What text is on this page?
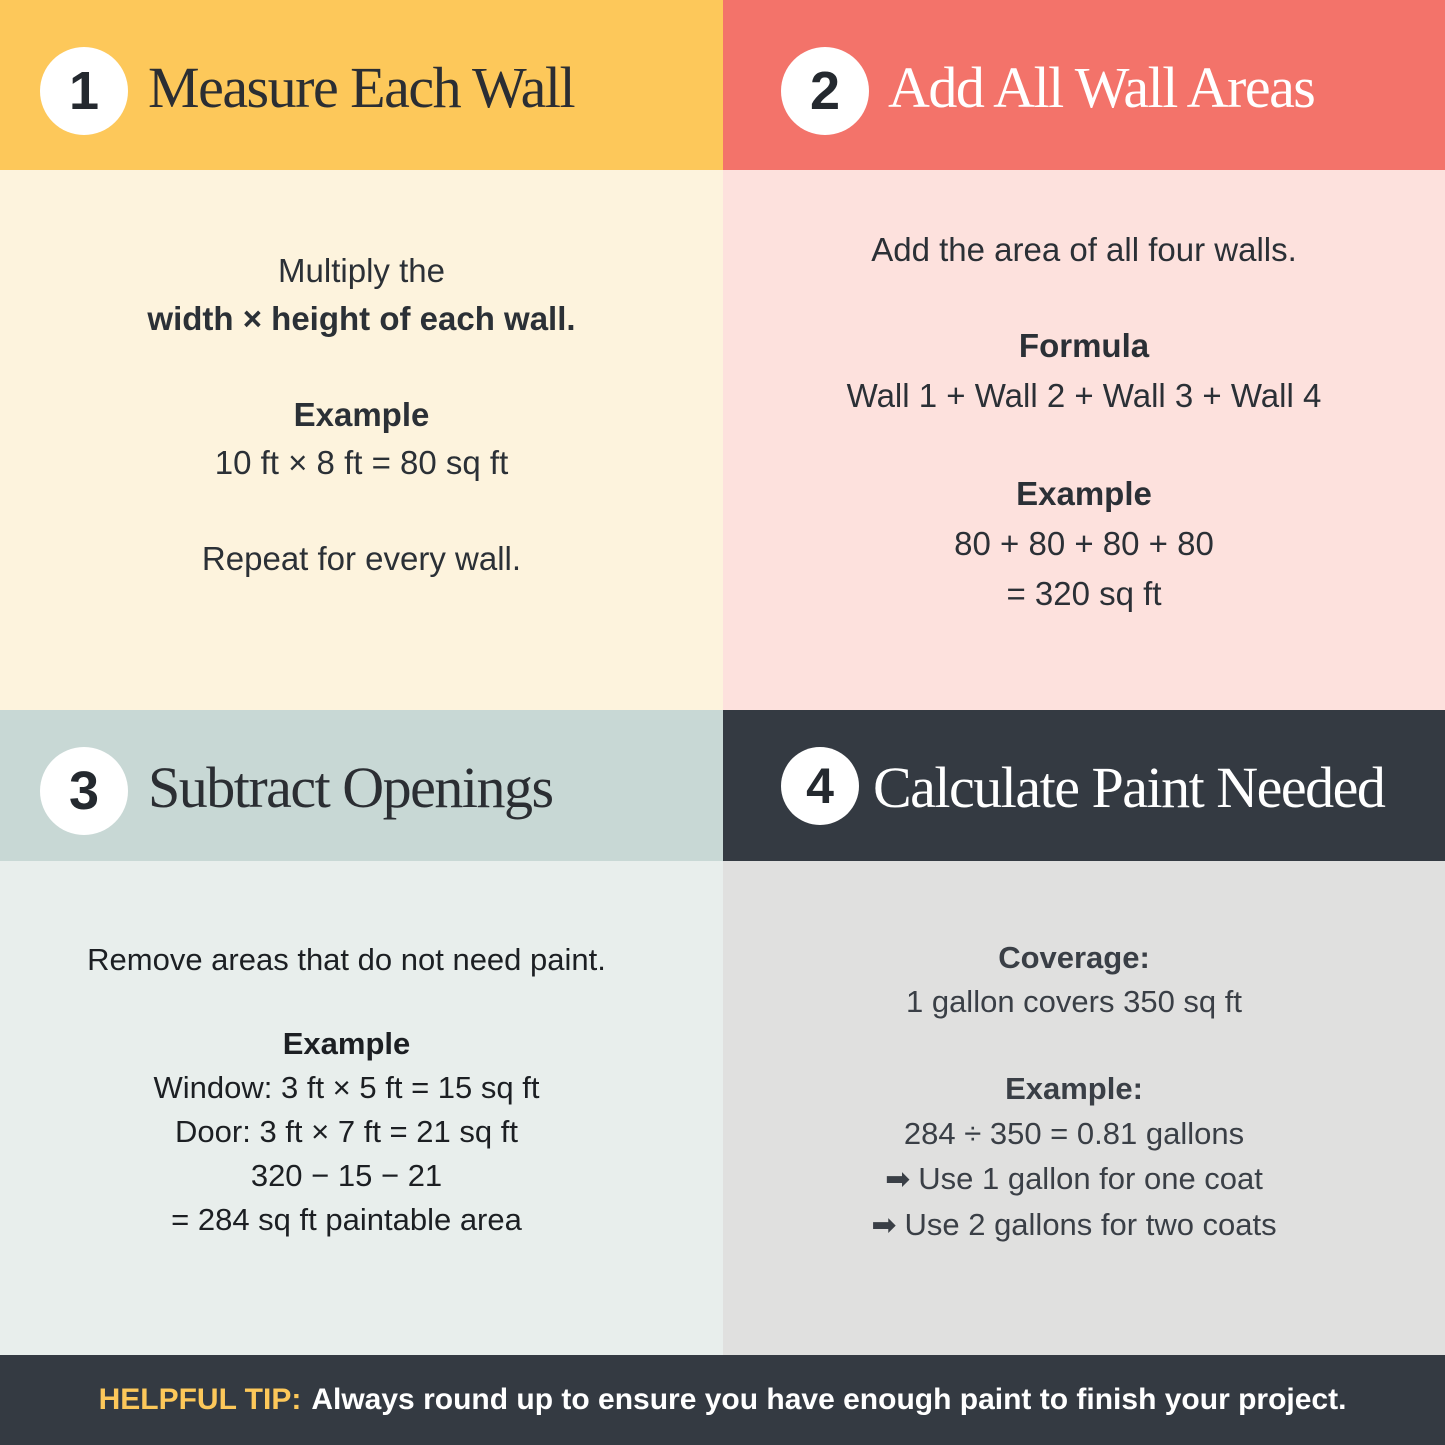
1 Measure Each Wall
Multiply the
width × height of each wall.
Example
10 ft × 8 ft = 80 sq ft
Repeat for every wall.
2 Add All Wall Areas
Add the area of all four walls.
Formula
Wall 1 + Wall 2 + Wall 3 + Wall 4
Example
80 + 80 + 80 + 80
= 320 sq ft
3 Subtract Openings
Remove areas that do not need paint.
Example
Window: 3 ft × 5 ft = 15 sq ft
Door: 3 ft × 7 ft = 21 sq ft
320 − 15 − 21
= 284 sq ft paintable area
4 Calculate Paint Needed
Coverage:
1 gallon covers 350 sq ft
Example:
284 ÷ 350 = 0.81 gallons
➡ Use 1 gallon for one coat
➡ Use 2 gallons for two coats
HELPFUL TIP: Always round up to ensure you have enough paint to finish your project.
